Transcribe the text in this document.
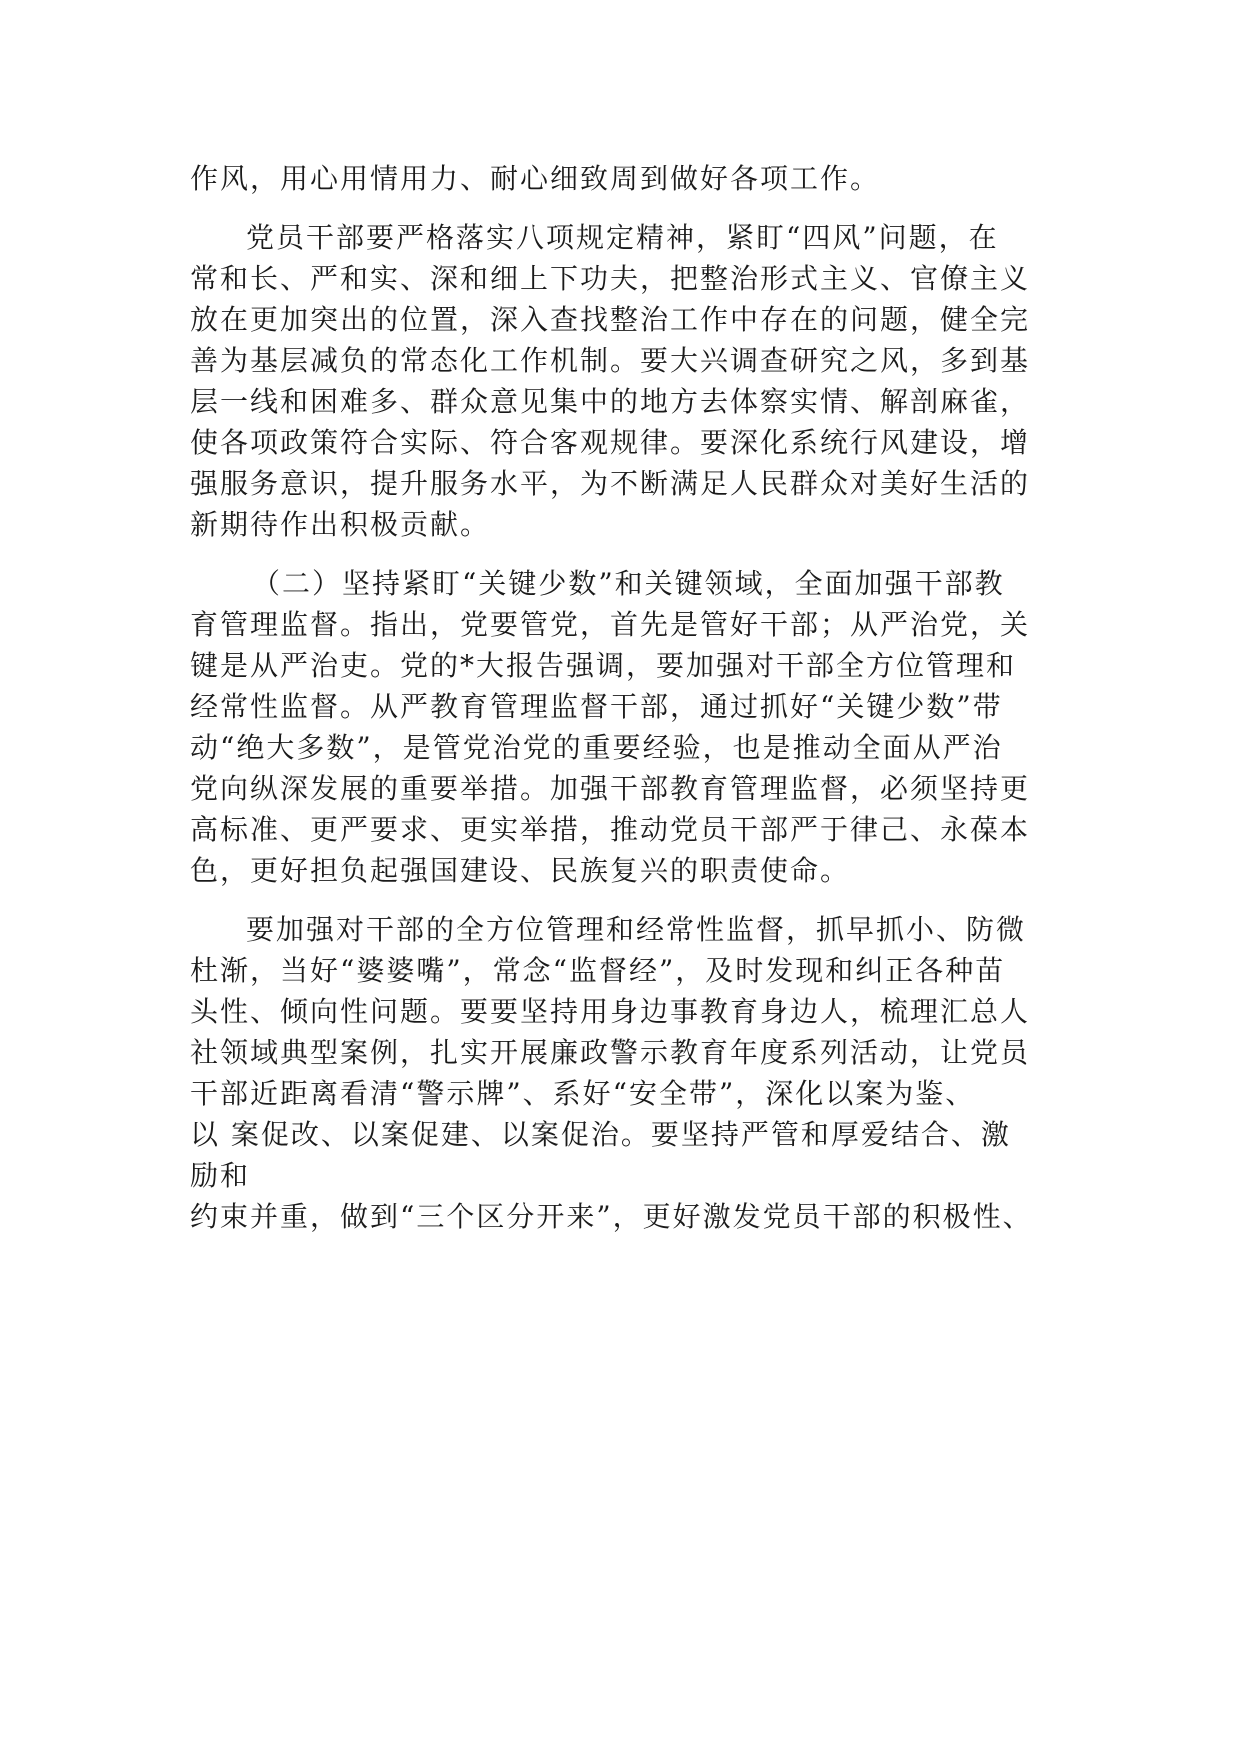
作风，用心用情用力、耐心细致周到做好各项工作。
党员干部要严格落实八项规定精神，紧盯“四风”问题，在
常和长、严和实、深和细上下功夫，把整治形式主义、官僚主义
放在更加突出的位置，深入查找整治工作中存在的问题，健全完
善为基层减负的常态化工作机制。要大兴调查研究之风，多到基
层一线和困难多、群众意见集中的地方去体察实情、解剖麻雀，
使各项政策符合实际、符合客观规律。要深化系统行风建设，增
强服务意识，提升服务水平，为不断满足人民群众对美好生活的
新期待作出积极贡献。
（二）坚持紧盯“关键少数”和关键领域，全面加强干部教
育管理监督。指出，党要管党，首先是管好干部；从严治党，关
键是从严治吏。党的*大报告强调，要加强对干部全方位管理和
经常性监督。从严教育管理监督干部，通过抓好“关键少数”带
动“绝大多数”，是管党治党的重要经验，也是推动全面从严治
党向纵深发展的重要举措。加强干部教育管理监督，必须坚持更
高标准、更严要求、更实举措，推动党员干部严于律己、永葆本
色，更好担负起强国建设、民族复兴的职责使命。
要加强对干部的全方位管理和经常性监督，抓早抓小、防微
杜渐，当好“婆婆嘴”，常念“监督经”，及时发现和纠正各种苗
头性、倾向性问题。要要坚持用身边事教育身边人，梳理汇总人
社领域典型案例，扎实开展廉政警示教育年度系列活动，让党员
干部近距离看清“警示牌”、系好“安全带”，深化以案为鉴、
以 案促改、以案促建、以案促治。要坚持严管和厚爱结合、激
励和
约束并重，做到“三个区分开来”，更好激发党员干部的积极性、
